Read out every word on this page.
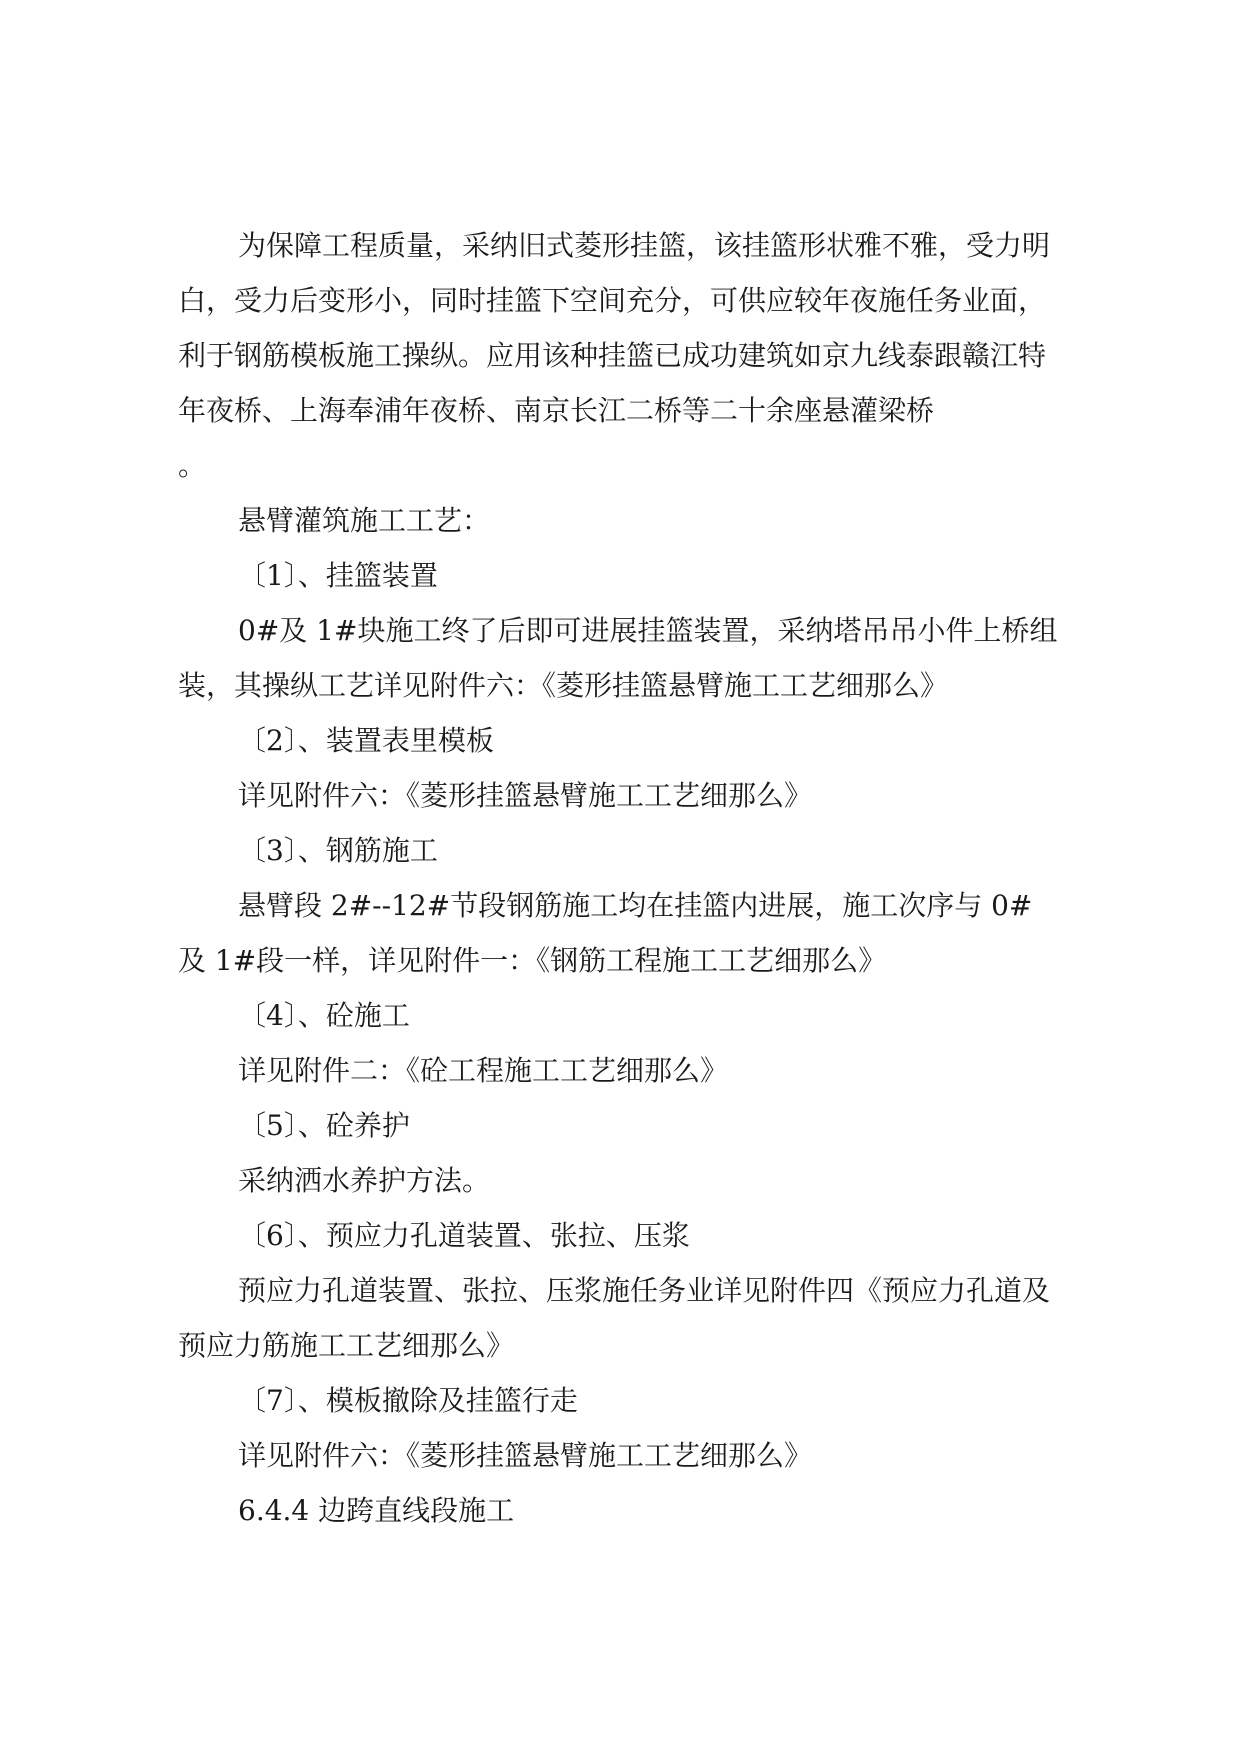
为保障工程质量，采纳旧式菱形挂篮，该挂篮形状雅不雅，受力明白，受力后变形小，同时挂篮下空间充分，可供应较年夜施任务业面，利于钢筋模板施工操纵。应用该种挂篮已成功建筑如京九线泰跟赣江特年夜桥、上海奉浦年夜桥、南京长江二桥等二十余座悬灌梁桥

。

悬臂灌筑施工工艺：

〔1〕、挂篮装置

0#及 1#块施工终了后即可进展挂篮装置，采纳塔吊吊小件上桥组装，其操纵工艺详见附件六：《菱形挂篮悬臂施工工艺细那么》

〔2〕、装置表里模板

详见附件六：《菱形挂篮悬臂施工工艺细那么》

〔3〕、钢筋施工

悬臂段 2#--12#节段钢筋施工均在挂篮内进展，施工次序与 0#及 1#段一样，详见附件一：《钢筋工程施工工艺细那么》

〔4〕、砼施工

详见附件二：《砼工程施工工艺细那么》

〔5〕、砼养护

采纳洒水养护方法。

〔6〕、预应力孔道装置、张拉、压浆

预应力孔道装置、张拉、压浆施任务业详见附件四《预应力孔道及预应力筋施工工艺细那么》

〔7〕、模板撤除及挂篮行走

详见附件六：《菱形挂篮悬臂施工工艺细那么》

6.4.4 边跨直线段施工
